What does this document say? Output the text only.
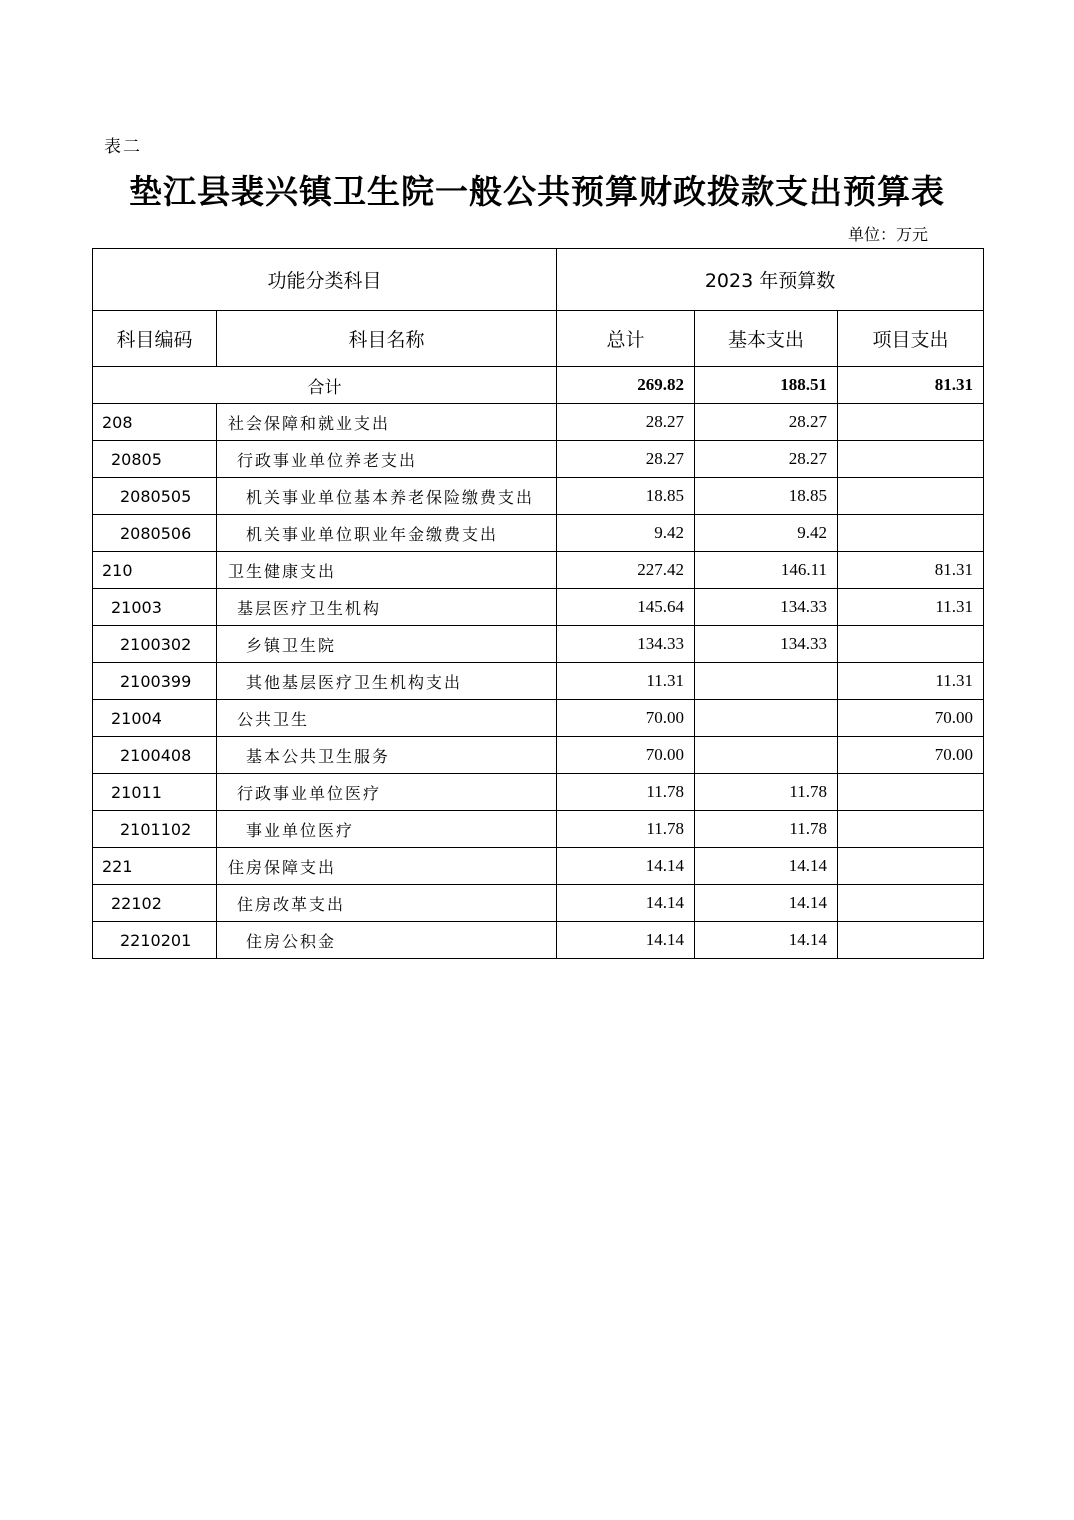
表二
垫江县裴兴镇卫生院一般公共预算财政拨款支出预算表
单位：万元
功能分类科目		2023 年预算数		
科目编码	科目名称	总计	基本支出	项目支出
合计		269.82	188.51	81.31
208	社会保障和就业支出	28.27	28.27	
20805	行政事业单位养老支出	28.27	28.27	
2080505	机关事业单位基本养老保险缴费支出	18.85	18.85	
2080506	机关事业单位职业年金缴费支出	9.42	9.42	
210	卫生健康支出	227.42	146.11	81.31
21003	基层医疗卫生机构	145.64	134.33	11.31
2100302	乡镇卫生院	134.33	134.33	
2100399	其他基层医疗卫生机构支出	11.31		11.31
21004	公共卫生	70.00		70.00
2100408	基本公共卫生服务	70.00		70.00
21011	行政事业单位医疗	11.78	11.78	
2101102	事业单位医疗	11.78	11.78	
221	住房保障支出	14.14	14.14	
22102	住房改革支出	14.14	14.14	
2210201	住房公积金	14.14	14.14	
